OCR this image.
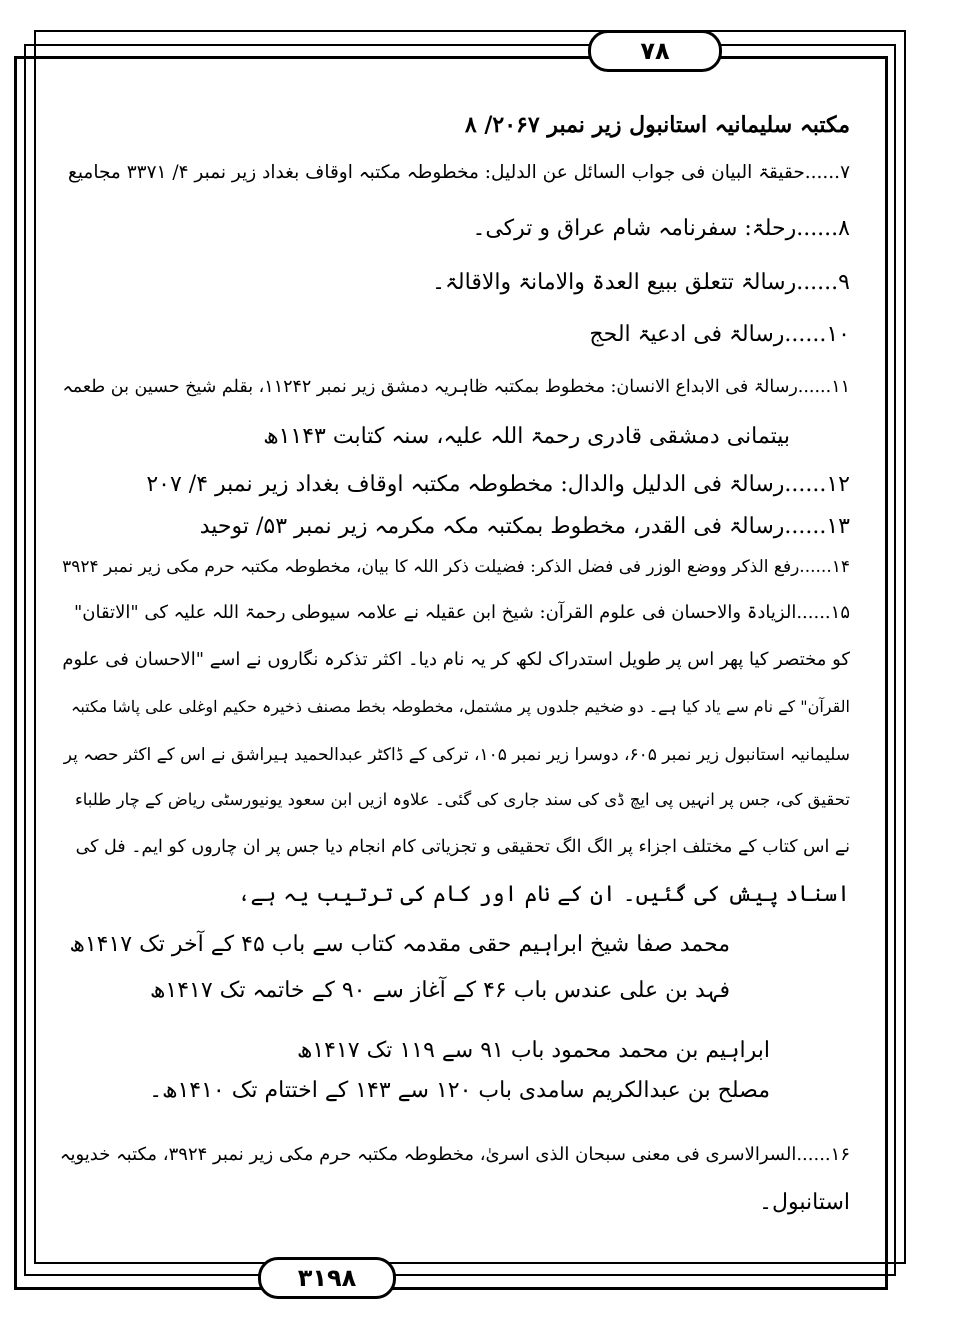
۷۸
مکتبہ سلیمانیہ استانبول زیر نمبر ۲۰۶۷/ ۸
۷......حقیقۃ البیان فی جواب السائل عن الدلیل: مخطوطہ مکتبہ اوقاف بغداد زیر نمبر ۴/ ۳۳۷۱ مجامیع
۸......رحلۃ: سفرنامہ شام عراق و ترکی۔
۹......رسالۃ تتعلق ببیع العدۃ والامانۃ والاقالۃ۔
۱۰......رسالۃ فی ادعیۃ الحج
۱۱......رسالۃ فی الابداع الانسان: مخطوط بمکتبہ ظاہریہ دمشق زیر نمبر ۱۱۲۴۲، بقلم شیخ حسین بن طعمہ
بیتمانی دمشقی قادری رحمۃ اللہ علیہ، سنہ کتابت ۱۱۴۳ھ
۱۲......رسالۃ فی الدلیل والدال: مخطوطہ مکتبہ اوقاف بغداد زیر نمبر ۴/ ۲۰۷
۱۳......رسالۃ فی القدر، مخطوط بمکتبہ مکہ مکرمہ زیر نمبر ۵۳/ توحید
۱۴......رفع الذکر ووضع الوزر فی فضل الذکر: فضیلت ذکر اللہ کا بیان، مخطوطہ مکتبہ حرم مکی زیر نمبر ۳۹۲۴
۱۵......الزیادۃ والاحسان فی علوم القرآن: شیخ ابن عقیلہ نے علامہ سیوطی رحمۃ اللہ علیہ کی "الاتقان"
کو مختصر کیا پھر اس پر طویل استدراک لکھ کر یہ نام دیا۔ اکثر تذکرہ نگاروں نے اسے "الاحسان فی علوم
القرآن" کے نام سے یاد کیا ہے۔ دو ضخیم جلدوں پر مشتمل، مخطوطہ بخط مصنف ذخیرہ حکیم اوغلی علی پاشا مکتبہ
سلیمانیہ استانبول زیر نمبر ۶۰۵، دوسرا زیر نمبر ۱۰۵، ترکی کے ڈاکٹر عبدالحمید ہیراشق نے اس کے اکثر حصہ پر
تحقیق کی، جس پر انہیں پی ایچ ڈی کی سند جاری کی گئی۔ علاوہ ازیں ابن سعود یونیورسٹی ریاض کے چار طلباء
نے اس کتاب کے مختلف اجزاء پر الگ الگ تحقیقی و تجزیاتی کام انجام دیا جس پر ان چاروں کو ایم۔ فل کی
اسناد پیش کی گئیں۔ ان کے نام اور کام کی ترتیب یہ ہے،
محمد صفا شیخ ابراہیم حقی مقدمہ کتاب سے باب ۴۵ کے آخر تک ۱۴۱۷ھ
فہد بن علی عندس باب ۴۶ کے آغاز سے ۹۰ کے خاتمہ تک ۱۴۱۷ھ
ابراہیم بن محمد محمود باب ۹۱ سے ۱۱۹ تک ۱۴۱۷ھ
مصلح بن عبدالکریم سامدی باب ۱۲۰ سے ۱۴۳ کے اختتام تک ۱۴۱۰ھ۔
۱۶......السرالاسری فی معنی سبحان الذی اسریٰ، مخطوطہ مکتبہ حرم مکی زیر نمبر ۳۹۲۴، مکتبہ خدیویہ
استانبول۔
۳۱۹۸
